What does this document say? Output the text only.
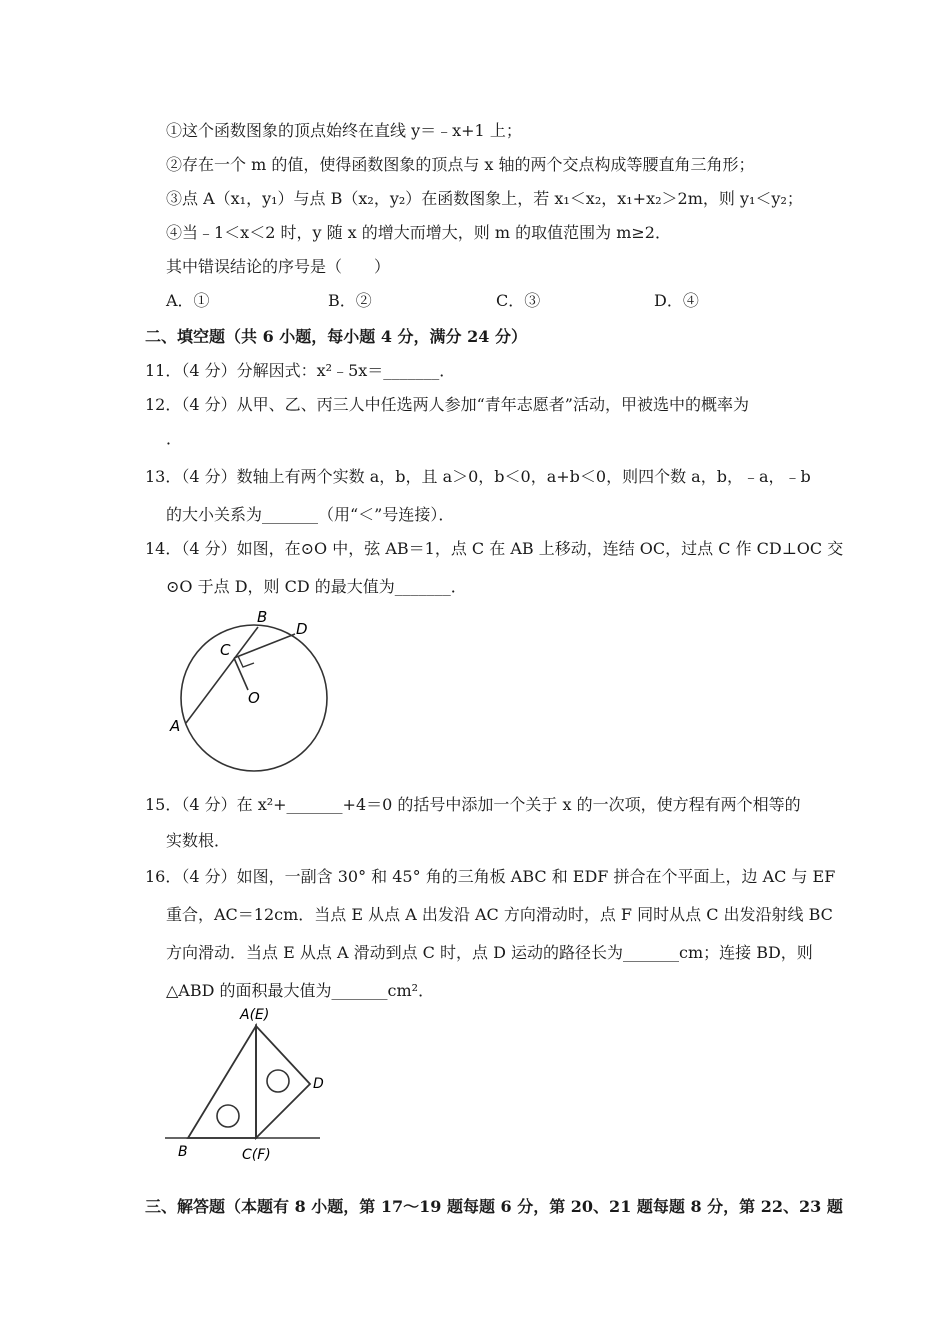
①这个函数图象的顶点始终在直线 y＝﹣x+1 上；
②存在一个 m 的值，使得函数图象的顶点与 x 轴的两个交点构成等腰直角三角形；
③点 A（x₁，y₁）与点 B（x₂，y₂）在函数图象上，若 x₁＜x₂，x₁+x₂＞2m，则 y₁＜y₂；
④当﹣1＜x＜2 时，y 随 x 的增大而增大，则 m 的取值范围为 m≥2．
其中错误结论的序号是（　　）
A．①	B．②	C．③	D．④
二、填空题（共 6 小题，每小题 4 分，满分 24 分）
11．（4 分）分解因式：x²﹣5x＝_______．
12．（4 分）从甲、乙、丙三人中任选两人参加“青年志愿者”活动，甲被选中的概率为
．
13．（4 分）数轴上有两个实数 a，b，且 a＞0，b＜0，a+b＜0，则四个数 a，b，﹣a，﹣b
的大小关系为_______（用“＜”号连接）．
14．（4 分）如图，在⊙O 中，弦 AB＝1，点 C 在 AB 上移动，连结 OC，过点 C 作 CD⊥OC 交
⊙O 于点 D，则 CD 的最大值为_______．
A
B
C
D
O
15．（4 分）在 x²+_______+4＝0 的括号中添加一个关于 x 的一次项，使方程有两个相等的
实数根．
16．（4 分）如图，一副含 30° 和 45° 角的三角板 ABC 和 EDF 拼合在个平面上，边 AC 与 EF
重合，AC＝12cm．当点 E 从点 A 出发沿 AC 方向滑动时，点 F 同时从点 C 出发沿射线 BC
方向滑动．当点 E 从点 A 滑动到点 C 时，点 D 运动的路径长为_______cm；连接 BD，则
△ABD 的面积最大值为_______cm²．
A(E)
D
B	C(F)
三、解答题（本题有 8 小题，第 17～19 题每题 6 分，第 20、21 题每题 8 分，第 22、23 题
